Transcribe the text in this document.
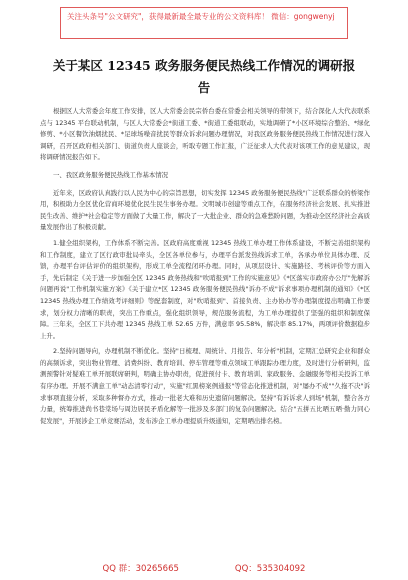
关注头条号"公文研究"，获得最新最全最专业的公文资料库！ 微信：gongwenyj
关于某区 12345 政务服务便民热线工作情况的调研报
告

根据区人大常委会年度工作安排，区人大常委会民宗侨台委在常委会相关领导的带领下，结合深化人大代表联系点与 12345 平台联动机制，与区人大常委会*街道工委、*街道工委组联动，实地调研了*小区环境综合整治、*绿化修剪、*小区餐饮油烟扰民、*足球场噪音扰民等群众诉求问题办理情况，对我区政务服务便民热线工作情况进行深入调研，召开区政府相关部门、街道负责人座谈会，听取专题工作汇报，广泛征求人大代表对该项工作的意见建议，现将调研情况报告如下。

一、我区政务服务便民热线工作基本情况

近年来，区政府认真践行以人民为中心的宗旨思想，切实发挥 12345 政务服务便民热线"广泛联系群众的桥梁作用，积极助力全区优化营商环境优化民生民生事务办理。文明城市创建等重点工作，在服务经济社会发展、扎实推进民生改善、维护*社会稳定等方面做了大量工作，解决了一大批企业、群众的急难愁盼问题，为推动全区经济社会高质量发展作出了积极贡献。

1.健全组织架构，工作体系不断完善。区政府高度重视 12345 热线工单办理工作体系建设，不断完善组织架构和工作制度，建立了区行政审批局牵头，全区各单位参与，办理平台派发热线诉求工单，各承办单位具体办理、反馈，办理平台评估评价的组织架构，形成工单全流程闭环办理。同时，从项层设计、实施路径、考核评价等方面入手，先后制定《关于进一步加强全区 12345 政务热线和"吹哨报到"工作的实施意见》《*区落实市政府办公厅"先解诉问题再说"工作机制实施方案》《关于建立*区 12345 政务服务便民热线"诉办不成"诉求事项办理机制的通知》《*区 12345 热线办理工作绩效考评细则》等配套制度，对"吹哨报到"、首接负责、主办协办等办理制度提出明确工作要求，划分权力清晰的职责，突出工作重点，强化组织领导，规范服务流程，为工单办理提供了坚强的组织和制度保障。三年来，全区工下共办理 12345 热线工单 52.65 万件，满意率 95.58%，解决率 85.17%，两项评价数据稳步上升。

2.坚持问题导向，办理机制不断优化。坚持"日梳理、周统计、月报告、年分析"机制，定期汇总研究企业和群众的高频诉求，突出物业管理、消费纠纷、教育培训、停车管理等重点领域工单跟踪办理力度，及时进行分析研判，监测预警针对疑难工单开展联席研判，明确主协办职责，促进预付卡、教育培训、家政服务、金融服务等相关投诉工单有序办理。开展不满意工单"动态清零行动"，实施"红黑榜案例通报"等常态化推进机制，对"屡办不成""久拖不决"诉求事项直接分析，采取多种督办方式，推动一批老大难和历史遗留问题解决。坚持"有诉诉求人到场"机制，整合各方力量，统筹推进尚书巷棠场与周边居民矛盾化解等一批涉及多部门的复杂问题解决。结合"五拼五比晒五晒·勤力同心促发展"，开展涉企工单竞赛活动，发布涉企工单办理提质升级通知，定期晒出排名榜。

QQ 群：30265665	QQ：535304092
